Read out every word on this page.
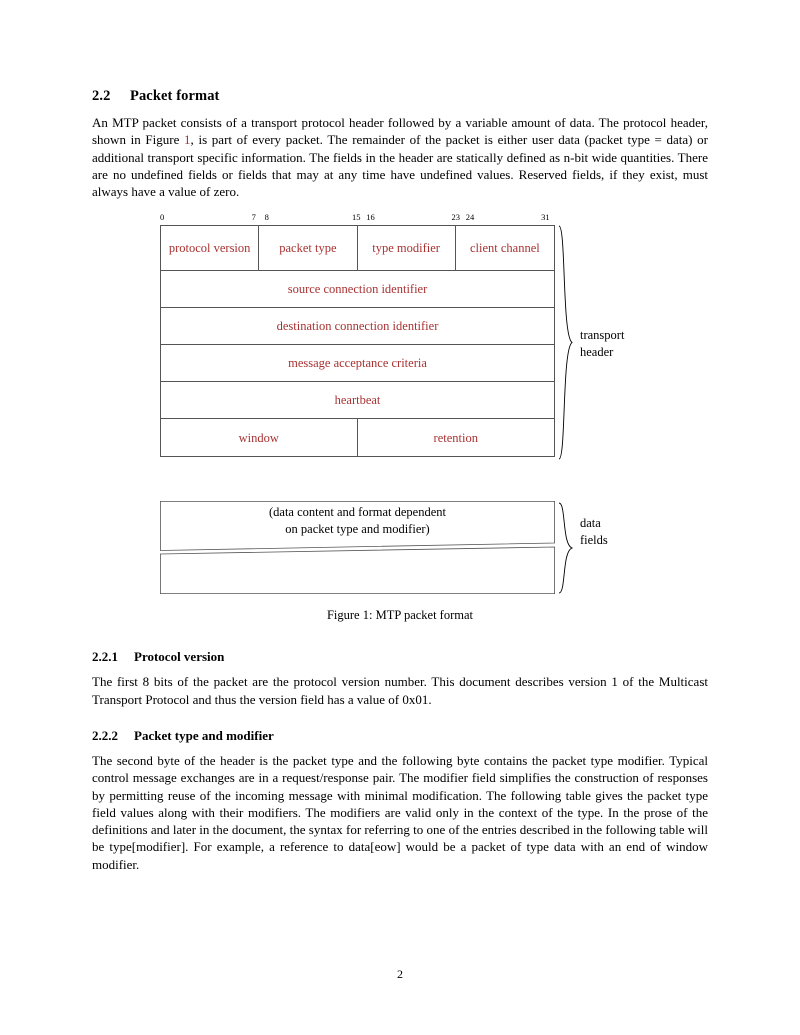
2.2 Packet format

An MTP packet consists of a transport protocol header followed by a variable amount of data. The protocol header, shown in Figure 1, is part of every packet. The remainder of the packet is either user data (packet type = data) or additional transport specific information. The fields in the header are statically defined as n-bit wide quantities. There are no undefined fields or fields that may at any time have undefined values. Reserved fields, if they exist, must always have a value of zero.

0	7 8	15 16	23 24	31
protocol version	packet type	type modifier	client channel
source connection identifier
destination connection identifier
message acceptance criteria
heartbeat
window	retention
(data content and format dependent
on packet type and modifier)
transport
header
data
fields
Figure 1: MTP packet format
2.2.1 Protocol version

The first 8 bits of the packet are the protocol version number. This document describes version 1 of the Multicast Transport Protocol and thus the version field has a value of 0x01.

2.2.2 Packet type and modifier

The second byte of the header is the packet type and the following byte contains the packet type modifier. Typical control message exchanges are in a request/response pair. The modifier field simplifies the construction of responses by permitting reuse of the incoming message with minimal modification. The following table gives the packet type field values along with their modifiers. The modifiers are valid only in the context of the type. In the prose of the definitions and later in the document, the syntax for referring to one of the entries described in the following table will be type[modifier]. For example, a reference to data[eow] would be a packet of type data with an end of window modifier.

2
